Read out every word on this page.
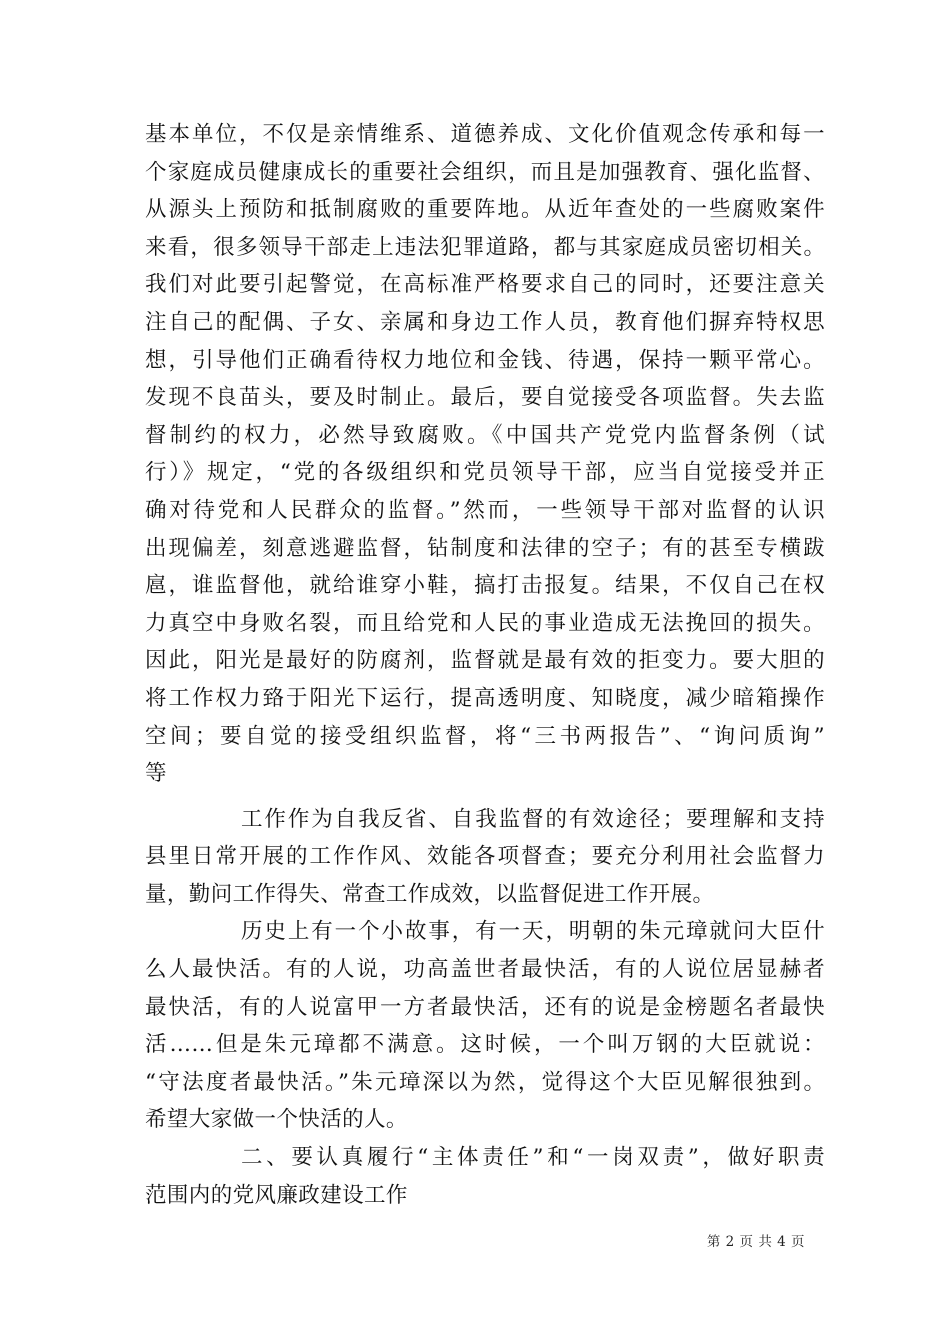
基本单位，不仅是亲情维系、道德养成、文化价值观念传承和每一
个家庭成员健康成长的重要社会组织，而且是加强教育、强化监督、
从源头上预防和抵制腐败的重要阵地。从近年查处的一些腐败案件
来看，很多领导干部走上违法犯罪道路，都与其家庭成员密切相关。
我们对此要引起警觉，在高标准严格要求自己的同时，还要注意关
注自己的配偶、子女、亲属和身边工作人员，教育他们摒弃特权思
想，引导他们正确看待权力地位和金钱、待遇，保持一颗平常心。
发现不良苗头，要及时制止。最后，要自觉接受各项监督。失去监
督制约的权力，必然导致腐败。《中国共产党党内监督条例（试
行）》规定，“党的各级组织和党员领导干部，应当自觉接受并正
确对待党和人民群众的监督。”然而，一些领导干部对监督的认识
出现偏差，刻意逃避监督，钻制度和法律的空子；有的甚至专横跋
扈，谁监督他，就给谁穿小鞋，搞打击报复。结果，不仅自己在权
力真空中身败名裂，而且给党和人民的事业造成无法挽回的损失。
因此，阳光是最好的防腐剂，监督就是最有效的拒变力。要大胆的
将工作权力臵于阳光下运行，提高透明度、知晓度，减少暗箱操作
空间；要自觉的接受组织监督，将“三书两报告”、“询问质询”
等
工作作为自我反省、自我监督的有效途径；要理解和支持
县里日常开展的工作作风、效能各项督查；要充分利用社会监督力
量，勤问工作得失、常查工作成效，以监督促进工作开展。
历史上有一个小故事，有一天，明朝的朱元璋就问大臣什
么人最快活。有的人说，功高盖世者最快活，有的人说位居显赫者
最快活，有的人说富甲一方者最快活，还有的说是金榜题名者最快
活……但是朱元璋都不满意。这时候，一个叫万钢的大臣就说：
“守法度者最快活。”朱元璋深以为然，觉得这个大臣见解很独到。
希望大家做一个快活的人。
二、要认真履行“主体责任”和“一岗双责”，做好职责
范围内的党风廉政建设工作
第 2 页 共 4 页
